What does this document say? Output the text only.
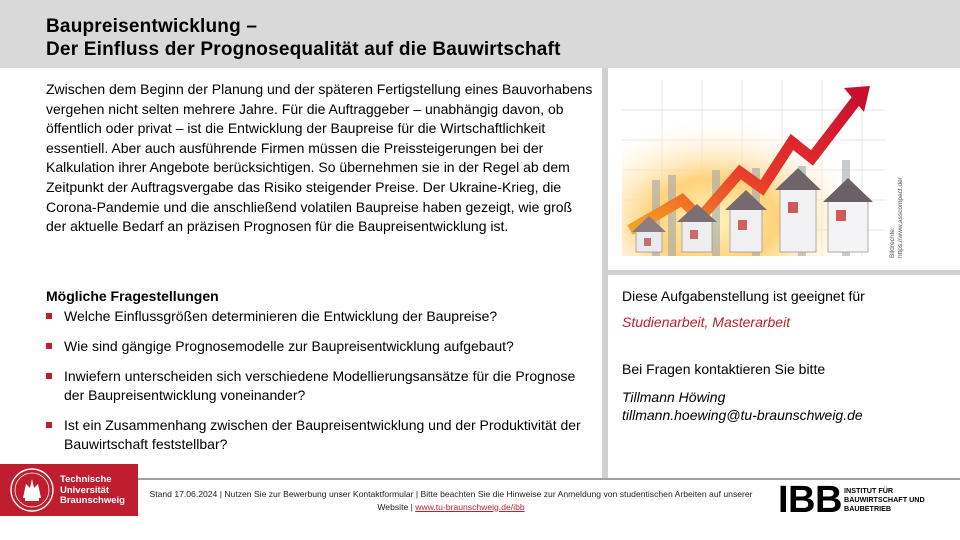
Baupreisentwicklung –
Der Einfluss der Prognosequalität auf die Bauwirtschaft

Zwischen dem Beginn der Planung und der späteren Fertigstellung eines Bauvorhabens vergehen nicht selten mehrere Jahre. Für die Auftraggeber – unabhängig davon, ob öffentlich oder privat – ist die Entwicklung der Baupreise für die Wirtschaftlichkeit essentiell. Aber auch ausführende Firmen müssen die Preissteigerungen bei der Kalkulation ihrer Angebote berücksichtigen. So übernehmen sie in der Regel ab dem Zeitpunkt der Auftragsvergabe das Risiko steigender Preise. Der Ukraine-Krieg, die Corona-Pandemie und die anschließend volatilen Baupreise haben gezeigt, wie groß der aktuelle Bedarf an präzisen Prognosen für die Baupreisentwicklung ist.

Mögliche Fragestellungen
Welche Einflussgrößen determinieren die Entwicklung der Baupreise?
Wie sind gängige Prognosemodelle zur Baupreisentwicklung aufgebaut?
Inwiefern unterscheiden sich verschiedene Modellierungsansätze für die Prognose der Baupreisentwicklung voneinander?
Ist ein Zusammenhang zwischen der Baupreisentwicklung und der Produktivität der Bauwirtschaft feststellbar?
Bildrechte: https://www.asscompact.de/
Diese Aufgabenstellung ist geeignet für
Studienarbeit, Masterarbeit
Bei Fragen kontaktieren Sie bitte
Tillmann Höwing
tillmann.hoewing@tu-braunschweig.de
Technische
Universität
Braunschweig
Stand 17.06.2024 | Nutzen Sie zur Bewerbung unser Kontaktformular | Bitte beachten Sie die Hinweise zur Anmeldung von studentischen Arbeiten auf unserer Website | www.tu-braunschweig.de/ibb	IBB INSTITUT FÜR
BAUWIRTSCHAFT UND
BAUBETRIEB
